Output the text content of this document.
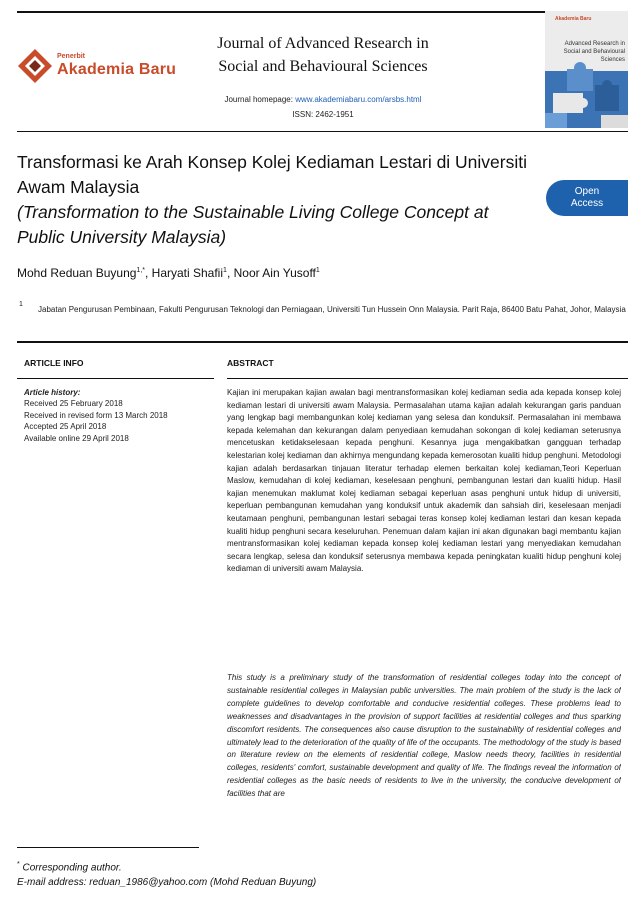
Penerbit
Akademia Baru
Journal of Advanced Research in Social and Behavioural Sciences
Journal homepage: www.akademiabaru.com/arsbs.html
ISSN: 2462-1951
Akademia Baru
Advanced Research in Social and Behavioural Sciences
Transformasi ke Arah Konsep Kolej Kediaman Lestari di Universiti Awam Malaysia
(Transformation to the Sustainable Living College Concept at Public University Malaysia)
Open
Access
Mohd Reduan Buyung$^{1,*}$, Haryati Shafii$^1$, Noor Ain Yusoff$^1$
1
Jabatan Pengurusan Pembinaan, Fakulti Pengurusan Teknologi dan Perniagaan, Universiti Tun Hussein Onn Malaysia. Parit Raja, 86400 Batu Pahat, Johor, Malaysia
ARTICLE INFO	ABSTRACT
Article history:
Received 25 February 2018
Received in revised form 13 March 2018
Accepted 25 April 2018
Available online 29 April 2018
Kajian ini merupakan kajian awalan bagi mentransformasikan kolej kediaman sedia ada kepada konsep kolej kediaman lestari di universiti awam Malaysia. Permasalahan utama kajian adalah kekurangan garis panduan yang lengkap bagi membangunkan kolej kediaman yang selesa dan konduksif. Permasalahan ini membawa kepada kelemahan dan kekurangan dalam penyediaan kemudahan sokongan di kolej kediaman seterusnya mencetuskan ketidakselesaan kepada penghuni. Kesannya juga mengakibatkan gangguan terhadap kelestarian kolej kediaman dan akhirnya mengundang kepada kemerosotan kualiti hidup penghuni. Metodologi kajian adalah berdasarkan tinjauan literatur terhadap elemen berkaitan kolej kediaman,Teori Keperluan Maslow, kemudahan di kolej kediaman, keselesaan penghuni, pembangunan lestari dan kualiti hidup. Hasil kajian menemukan maklumat kolej kediaman sebagai keperluan asas penghuni untuk hidup di universiti, keperluan pembangunan kemudahan yang konduksif untuk akademik dan sahsiah diri, keselesaan menjadi keutamaan penghuni, pembangunan lestari sebagai teras konsep kolej kediaman lestari dan kesan kepada kualiti hidup penghuni secara keseluruhan. Penemuan dalam kajian ini akan digunakan bagi membantu kajian mentransformasikan kolej kediaman kepada konsep kolej kediaman lestari yang menyediakan kemudahan secara lengkap, selesa dan konduksif seterusnya membawa kepada peningkatan kualiti hidup penghuni kolej kediaman di universiti awam Malaysia.
This study is a preliminary study of the transformation of residential colleges today into the concept of sustainable residential colleges in Malaysian public universities. The main problem of the study is the lack of complete guidelines to develop comfortable and conducive residential colleges. These problems lead to weaknesses and disadvantages in the provision of support facilities at residential colleges and thus sparking discomfort residents. The consequences also cause disruption to the sustainability of residential colleges and ultimately lead to the deterioration of the quality of life of the occupants. The methodology of the study is based on literature review on the elements of residential college, Maslow needs theory, facilities in residential colleges, residents' comfort, sustainable development and quality of life. The findings reveal the information of residential colleges as the basic needs of residents to live in the university, the conducive development of facilities that are
* Corresponding author.
E-mail address: reduan_1986@yahoo.com (Mohd Reduan Buyung)
